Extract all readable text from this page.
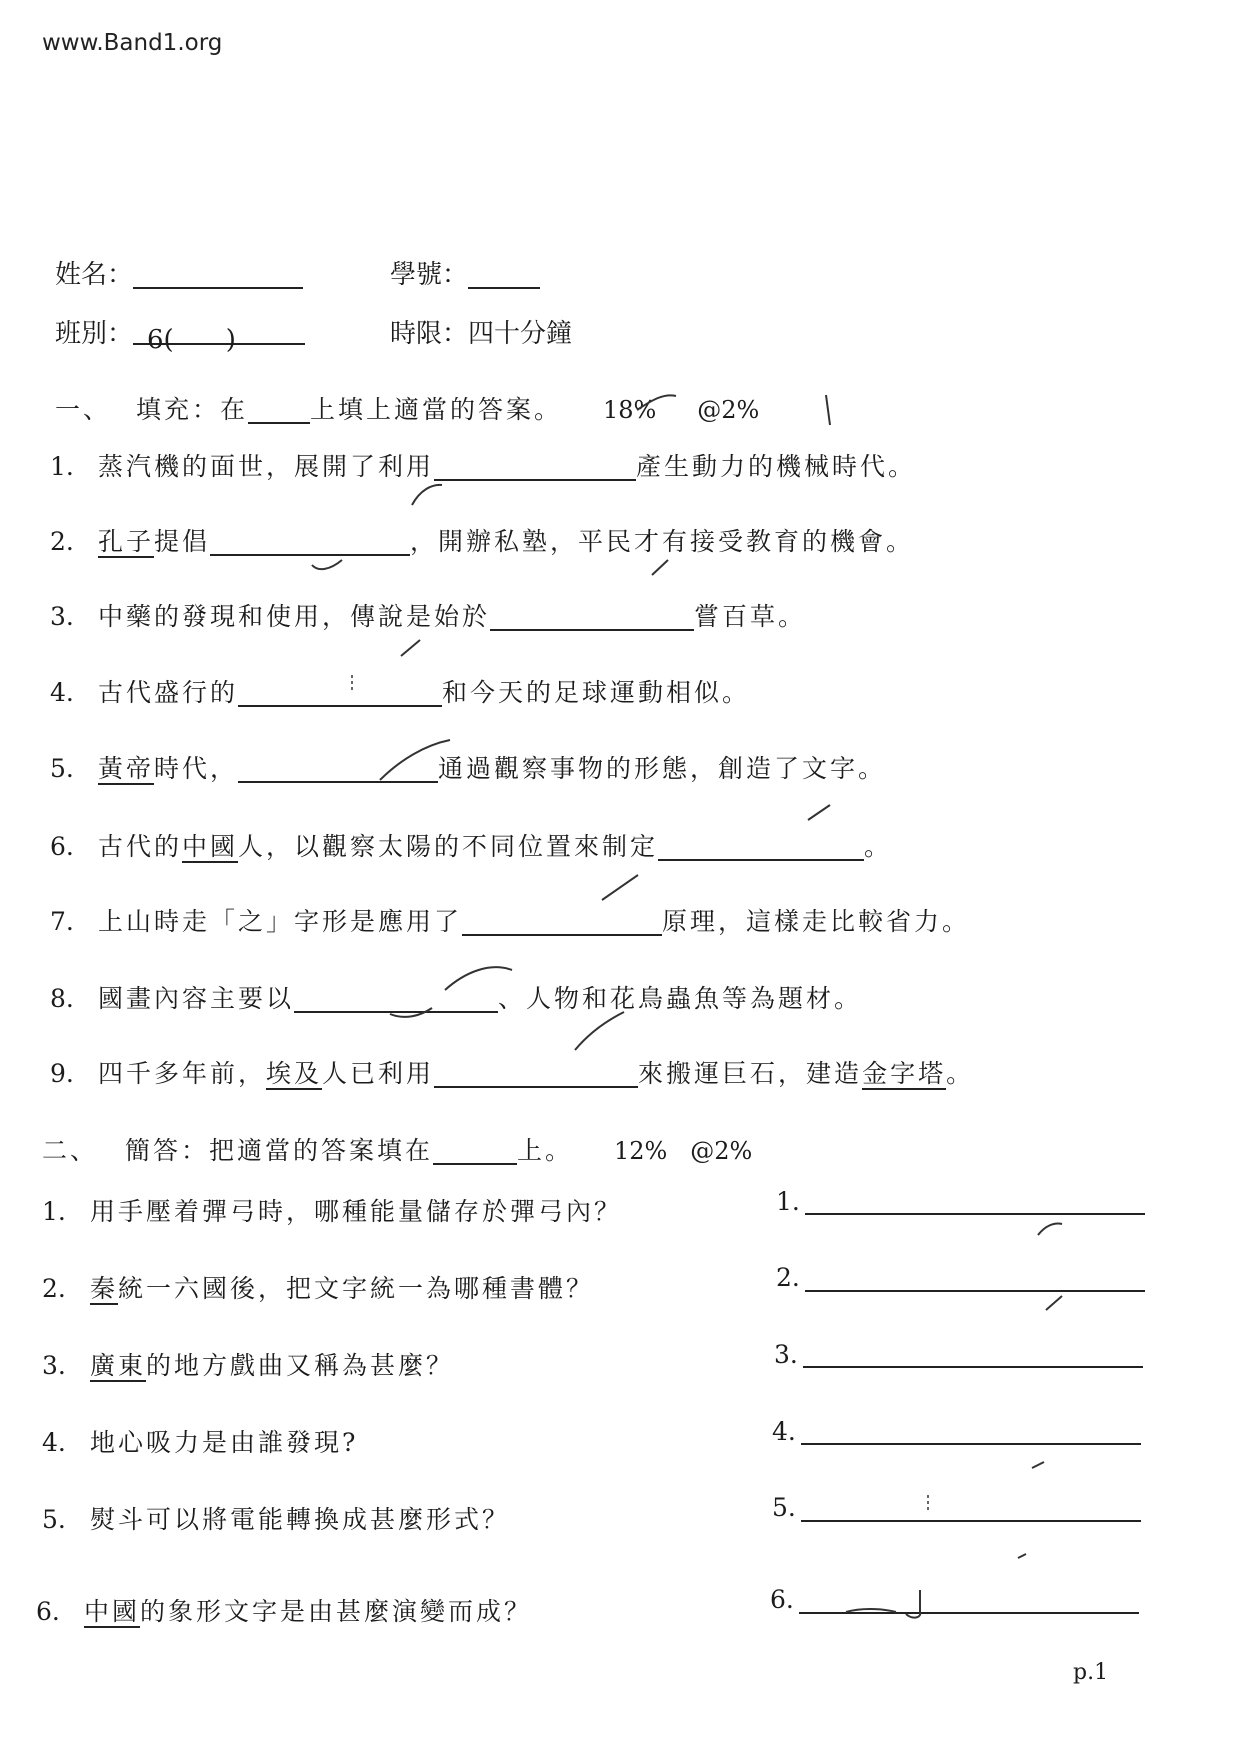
www.Band1.org
姓名：	學號：
班別： 6(　　)	時限：四十分鐘
一、 填充：在 上填上適當的答案。 18% @2%
1. 蒸汽機的面世，展開了利用	產生動力的機械時代。
2. 孔子提倡	，開辦私塾，平民才有接受教育的機會。
3. 中藥的發現和使用，傳說是始於	嘗百草。
4. 古代盛行的	和今天的足球運動相似。
5. 黃帝時代，	通過觀察事物的形態，創造了文字。
6. 古代的中國人，以觀察太陽的不同位置來制定	。
7. 上山時走「之」字形是應用了	原理，這樣走比較省力。
8. 國畫內容主要以	、人物和花鳥蟲魚等為題材。
9. 四千多年前，埃及人已利用	來搬運巨石，建造金字塔。
二、 簡答：把適當的答案填在	上。 12% @2%
1. 用手壓着彈弓時，哪種能量儲存於彈弓內？	1.
2. 秦統一六國後，把文字統一為哪種書體？	2.
3. 廣東的地方戲曲又稱為甚麼？	3.
4. 地心吸力是由誰發現?	4.
5. 熨斗可以將電能轉換成甚麼形式？	5.
6. 中國的象形文字是由甚麼演變而成？	6.
p.1
